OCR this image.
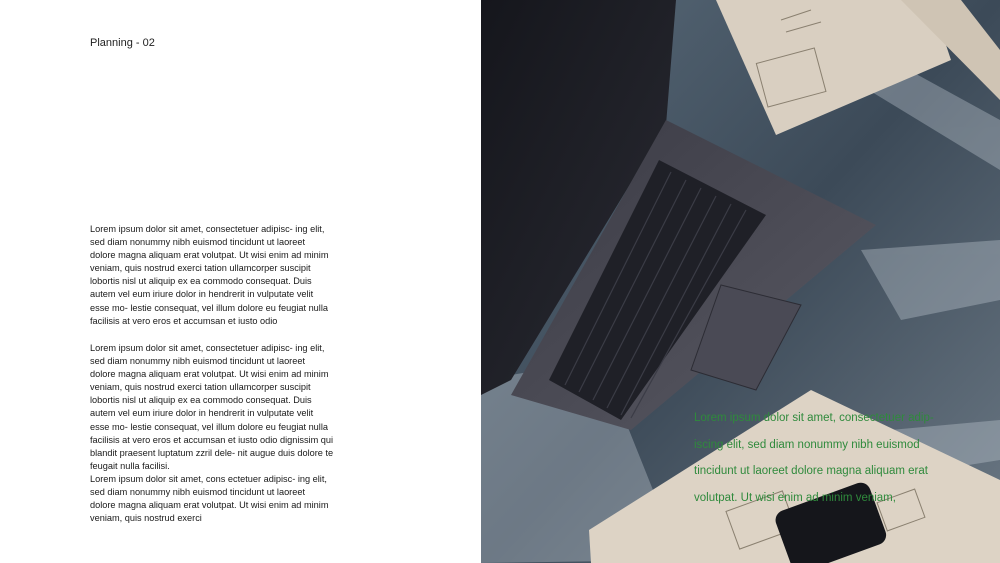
Planning - 02
Lorem ipsum dolor sit amet, consectetuer adipisc- ing elit,
sed diam nonummy nibh euismod tincidunt ut laoreet
dolore magna aliquam erat volutpat. Ut wisi enim ad minim
veniam, quis nostrud exerci tation ullamcorper suscipit
lobortis nisl ut aliquip ex ea commodo consequat. Duis
autem vel eum iriure dolor in hendrerit in vulputate velit
esse mo- lestie consequat, vel illum dolore eu feugiat nulla
facilisis at vero eros et accumsan et iusto odio
Lorem ipsum dolor sit amet, consectetuer adipisc- ing elit,
sed diam nonummy nibh euismod tincidunt ut laoreet
dolore magna aliquam erat volutpat. Ut wisi enim ad minim
veniam, quis nostrud exerci tation ullamcorper suscipit
lobortis nisl ut aliquip ex ea commodo consequat. Duis
autem vel eum iriure dolor in hendrerit in vulputate velit
esse mo- lestie consequat, vel illum dolore eu feugiat nulla
facilisis at vero eros et accumsan et iusto odio dignissim qui
blandit praesent luptatum zzril dele- nit augue duis dolore te
feugait nulla facilisi.
Lorem ipsum dolor sit amet, cons ectetuer adipisc- ing elit,
sed diam nonummy nibh euismod tincidunt ut laoreet
dolore magna aliquam erat volutpat. Ut wisi enim ad minim
veniam, quis nostrud exerci
Lorem ipsum dolor sit amet, consectetuer adip- iscing elit, sed diam nonummy nibh euismod tincidunt ut laoreet dolore magna aliquam erat volutpat. Ut wisi enim ad minim veniam,
